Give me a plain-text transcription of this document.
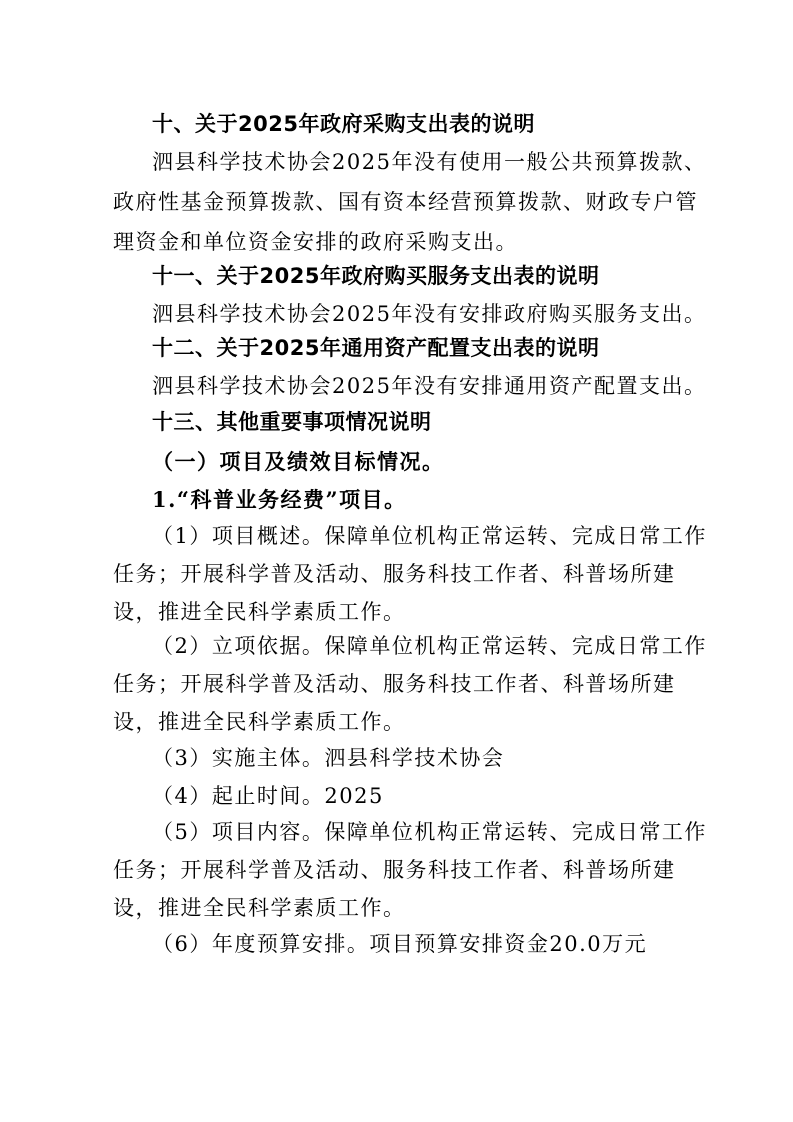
十、关于2025年政府采购支出表的说明
泗县科学技术协会2025年没有使用一般公共预算拨款、
政府性基金预算拨款、国有资本经营预算拨款、财政专户管
理资金和单位资金安排的政府采购支出。
十一、关于2025年政府购买服务支出表的说明
泗县科学技术协会2025年没有安排政府购买服务支出。
十二、关于2025年通用资产配置支出表的说明
泗县科学技术协会2025年没有安排通用资产配置支出。
十三、其他重要事项情况说明
（一）项目及绩效目标情况。
1.“科普业务经费”项目。
（1）项目概述。保障单位机构正常运转、完成日常工作
任务；开展科学普及活动、服务科技工作者、科普场所建
设，推进全民科学素质工作。
（2）立项依据。保障单位机构正常运转、完成日常工作
任务；开展科学普及活动、服务科技工作者、科普场所建
设，推进全民科学素质工作。
（3）实施主体。泗县科学技术协会
（4）起止时间。2025
（5）项目内容。保障单位机构正常运转、完成日常工作
任务；开展科学普及活动、服务科技工作者、科普场所建
设，推进全民科学素质工作。
（6）年度预算安排。项目预算安排资金20.0万元
